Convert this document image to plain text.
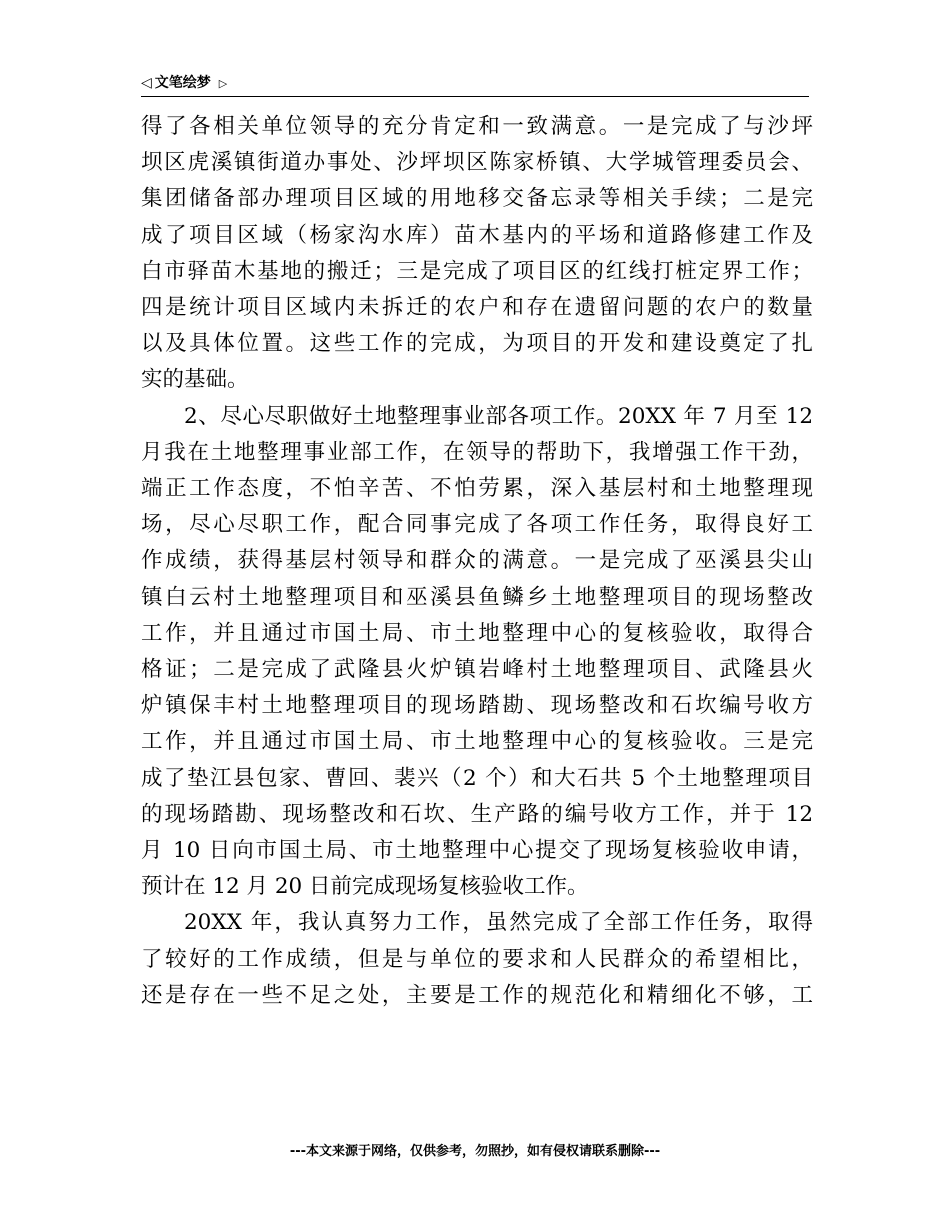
◁ 文笔绘梦 ▷

得了各相关单位领导的充分肯定和一致满意。一是完成了与沙坪
坝区虎溪镇街道办事处、沙坪坝区陈家桥镇、大学城管理委员会、
集团储备部办理项目区域的用地移交备忘录等相关手续；二是完
成了项目区域（杨家沟水库）苗木基内的平场和道路修建工作及
白市驿苗木基地的搬迁；三是完成了项目区的红线打桩定界工作；
四是统计项目区域内未拆迁的农户和存在遗留问题的农户的数量
以及具体位置。这些工作的完成，为项目的开发和建设奠定了扎
实的基础。

2、尽心尽职做好土地整理事业部各项工作。20XX 年 7 月至 12
月我在土地整理事业部工作，在领导的帮助下，我增强工作干劲，
端正工作态度，不怕辛苦、不怕劳累，深入基层村和土地整理现
场，尽心尽职工作，配合同事完成了各项工作任务，取得良好工
作成绩，获得基层村领导和群众的满意。一是完成了巫溪县尖山
镇白云村土地整理项目和巫溪县鱼鳞乡土地整理项目的现场整改
工作，并且通过市国土局、市土地整理中心的复核验收，取得合
格证；二是完成了武隆县火炉镇岩峰村土地整理项目、武隆县火
炉镇保丰村土地整理项目的现场踏勘、现场整改和石坎编号收方
工作，并且通过市国土局、市土地整理中心的复核验收。三是完
成了垫江县包家、曹回、裴兴（2 个）和大石共 5 个土地整理项目
的现场踏勘、现场整改和石坎、生产路的编号收方工作，并于 12
月 10 日向市国土局、市土地整理中心提交了现场复核验收申请，
预计在 12 月 20 日前完成现场复核验收工作。

20XX 年，我认真努力工作，虽然完成了全部工作任务，取得
了较好的工作成绩，但是与单位的要求和人民群众的希望相比，
还是存在一些不足之处，主要是工作的规范化和精细化不够，工

---本文来源于网络，仅供参考，勿照抄，如有侵权请联系删除---
